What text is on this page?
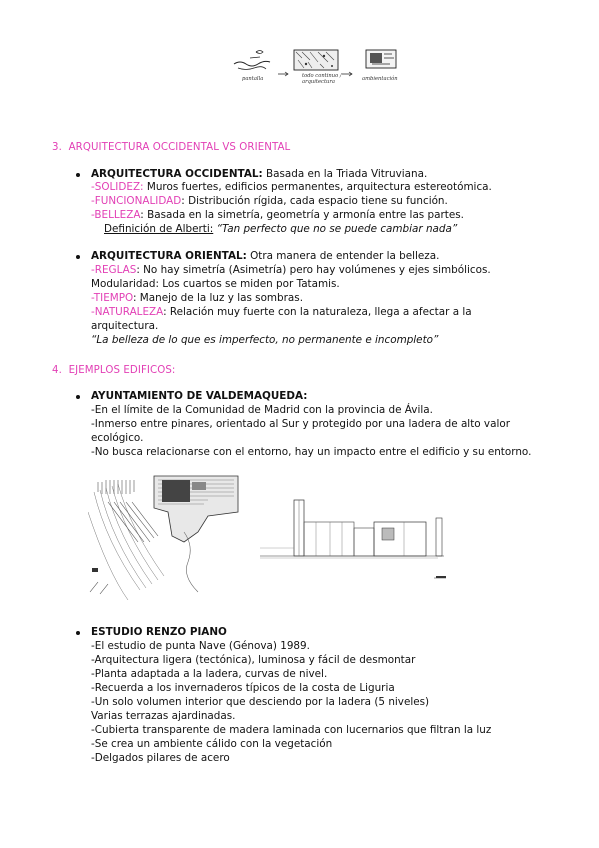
pantalla	todo continuo / arquitectura	ambientación
3. ARQUITECTURA OCCIDENTAL VS ORIENTAL
ARQUITECTURA OCCIDENTAL: Basada en la Triada Vitruviana.
-SOLIDEZ: Muros fuertes, edificios permanentes, arquitectura estereotómica.
-FUNCIONALIDAD: Distribución rígida, cada espacio tiene su función.
-BELLEZA: Basada en la simetría, geometría y armonía entre las partes.
Definición de Alberti: “Tan perfecto que no se puede cambiar nada”
ARQUITECTURA ORIENTAL: Otra manera de entender la belleza.
-REGLAS: No hay simetría (Asimetría) pero hay volúmenes y ejes simbólicos.
Modularidad: Los cuartos se miden por Tatamis.
-TIEMPO: Manejo de la luz y las sombras.
-NATURALEZA: Relación muy fuerte con la naturaleza, llega a afectar a la
arquitectura.
“La belleza de lo que es imperfecto, no permanente e incompleto”
4. EJEMPLOS EDIFICOS:
AYUNTAMIENTO DE VALDEMAQUEDA:
-En el límite de la Comunidad de Madrid con la provincia de Ávila.
-Inmerso entre pinares, orientado al Sur y protegido por una ladera de alto valor
ecológico.
-No busca relacionarse con el entorno, hay un impacto entre el edificio y su entorno.
ESTUDIO RENZO PIANO
-El estudio de punta Nave (Génova) 1989.
-Arquitectura ligera (tectónica), luminosa y fácil de desmontar
-Planta adaptada a la ladera, curvas de nivel.
-Recuerda a los invernaderos típicos de la costa de Liguria
-Un solo volumen interior que desciendo por la ladera (5 niveles)
Varias terrazas ajardinadas.
-Cubierta transparente de madera laminada con lucernarios que filtran la luz
-Se crea un ambiente cálido con la vegetación
-Delgados pilares de acero
